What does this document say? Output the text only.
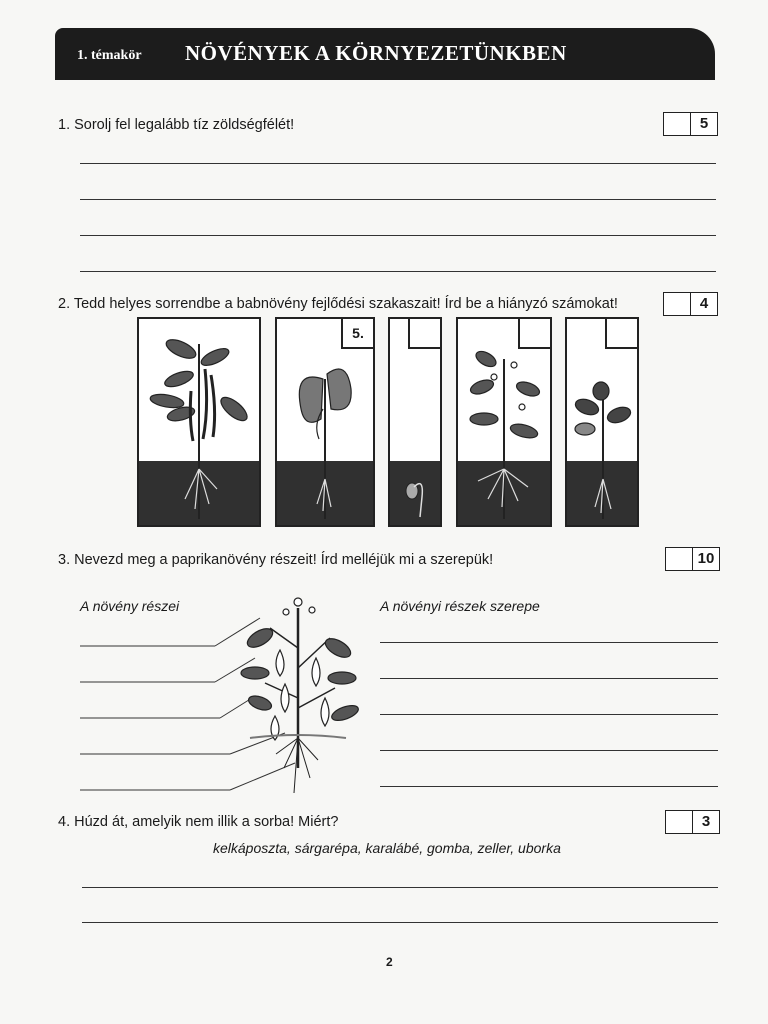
1. témakör NÖVÉNYEK A KÖRNYEZETÜNKBEN
1. Sorolj fel legalább tíz zöldségfélét!	5
2. Tedd helyes sorrendbe a babnövény fejlődési szakaszait! Írd be a hiányzó számokat!	4
5.
3. Nevezd meg a paprikanövény részeit! Írd melléjük mi a szerepük!	10
A növény részei	A növényi részek szerepe
4. Húzd át, amelyik nem illik a sorba! Miért?	3
kelkáposzta, sárgarépa, karalábé, gomba, zeller, uborka
2
